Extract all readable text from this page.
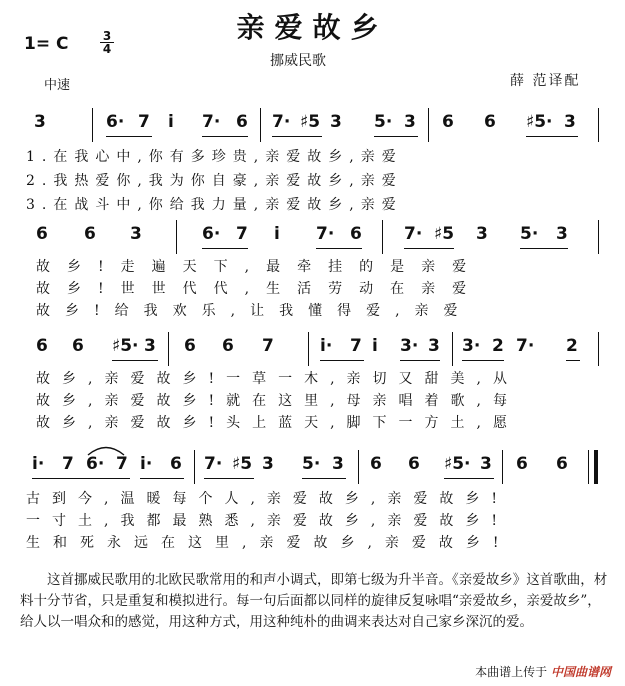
亲爱故乡
1= C	3
4
挪威民歌
中速	薛 范译配
3	6· 7 i 7· 6 7· ♯5 3 5· 3 6 6 ♯5· 3
1.在我心中,你有多珍贵,亲爱故乡,亲爱
2.我热爱你,我为你自豪,亲爱故乡,亲爱
3.在战斗中,你给我力量,亲爱故乡,亲爱
6 6 3	6· 7 i 7· 6 7· ♯5 3 5· 3
故乡!走遍天下,最牵挂的是亲爱
故乡!世世代代,生活劳动在亲爱
故乡!给我欢乐,让我懂得爱,亲爱
6 6 ♯5· 3 6 6 7	i· 7 i 3· 3 3· 2 7· 2
故乡,亲爱故乡!一草一木,亲切又甜美,从
故乡,亲爱故乡!就在这里,母亲唱着歌,每
故乡,亲爱故乡!头上蓝天,脚下一方土,愿
i· 7 6· 7 i· 6 7· ♯5 3 5· 3 6 6 ♯5· 3 6 6
古到今,温暖每个人,亲爱故乡,亲爱故乡!
一寸土,我都最熟悉,亲爱故乡,亲爱故乡!
生和死永远在这里,亲爱故乡,亲爱故乡!
这首挪威民歌用的北欧民歌常用的和声小调式，即第七级为升半音。《亲爱故乡》这首歌曲，材料十分节省，只是重复和模拟进行。每一句后面都以同样的旋律反复咏唱“亲爱故乡，亲爱故乡”，给人以一唱众和的感觉，用这种方式，用这种纯朴的曲调来表达对自己家乡深沉的爱。
本曲谱上传于 中国曲谱网
